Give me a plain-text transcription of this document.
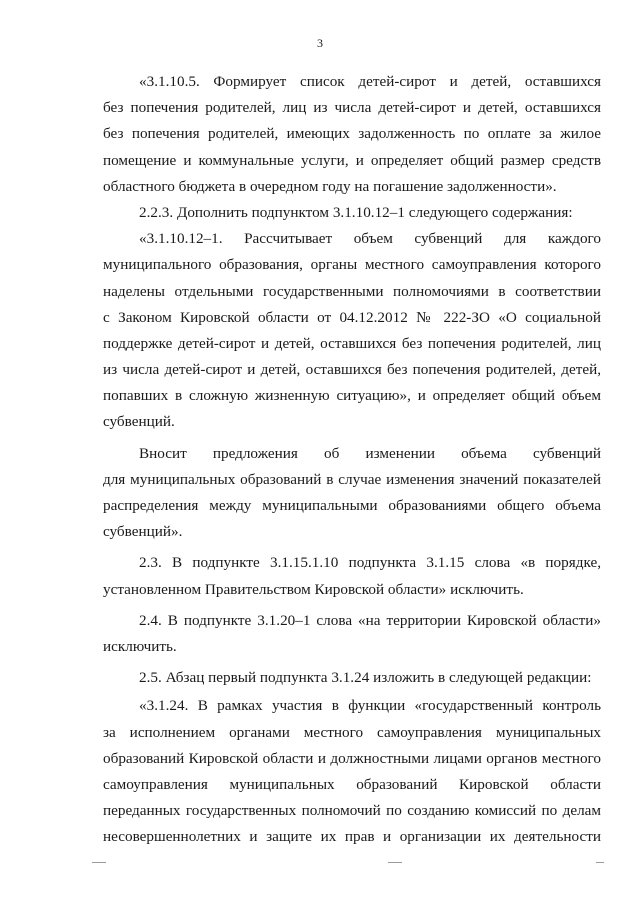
3
«3.1.10.5. Формирует список детей-сирот и детей, оставшихся
без попечения родителей, лиц из числа детей-сирот и детей, оставшихся
без попечения родителей, имеющих задолженность по оплате за жилое
помещение и коммунальные услуги, и определяет общий размер средств
областного бюджета в очередном году на погашение задолженности».
2.2.3. Дополнить подпунктом 3.1.10.12–1 следующего содержания:
«3.1.10.12–1. Рассчитывает объем субвенций для каждого
муниципального образования, органы местного самоуправления которого
наделены отдельными государственными полномочиями в соответствии
с Законом Кировской области от 04.12.2012 № 222-ЗО «О социальной
поддержке детей-сирот и детей, оставшихся без попечения родителей, лиц
из числа детей-сирот и детей, оставшихся без попечения родителей, детей,
попавших в сложную жизненную ситуацию», и определяет общий объем
субвенций.
Вносит предложения об изменении объема субвенций
для муниципальных образований в случае изменения значений показателей
распределения между муниципальными образованиями общего объема
субвенций».
2.3. В подпункте 3.1.15.1.10 подпункта 3.1.15 слова «в порядке,
установленном Правительством Кировской области» исключить.
2.4. В подпункте 3.1.20–1 слова «на территории Кировской области»
исключить.
2.5. Абзац первый подпункта 3.1.24 изложить в следующей редакции:
«3.1.24. В рамках участия в функции «государственный контроль
за исполнением органами местного самоуправления муниципальных
образований Кировской области и должностными лицами органов местного
самоуправления муниципальных образований Кировской области
переданных государственных полномочий по созданию комиссий по делам
несовершеннолетних и защите их прав и организации их деятельности
